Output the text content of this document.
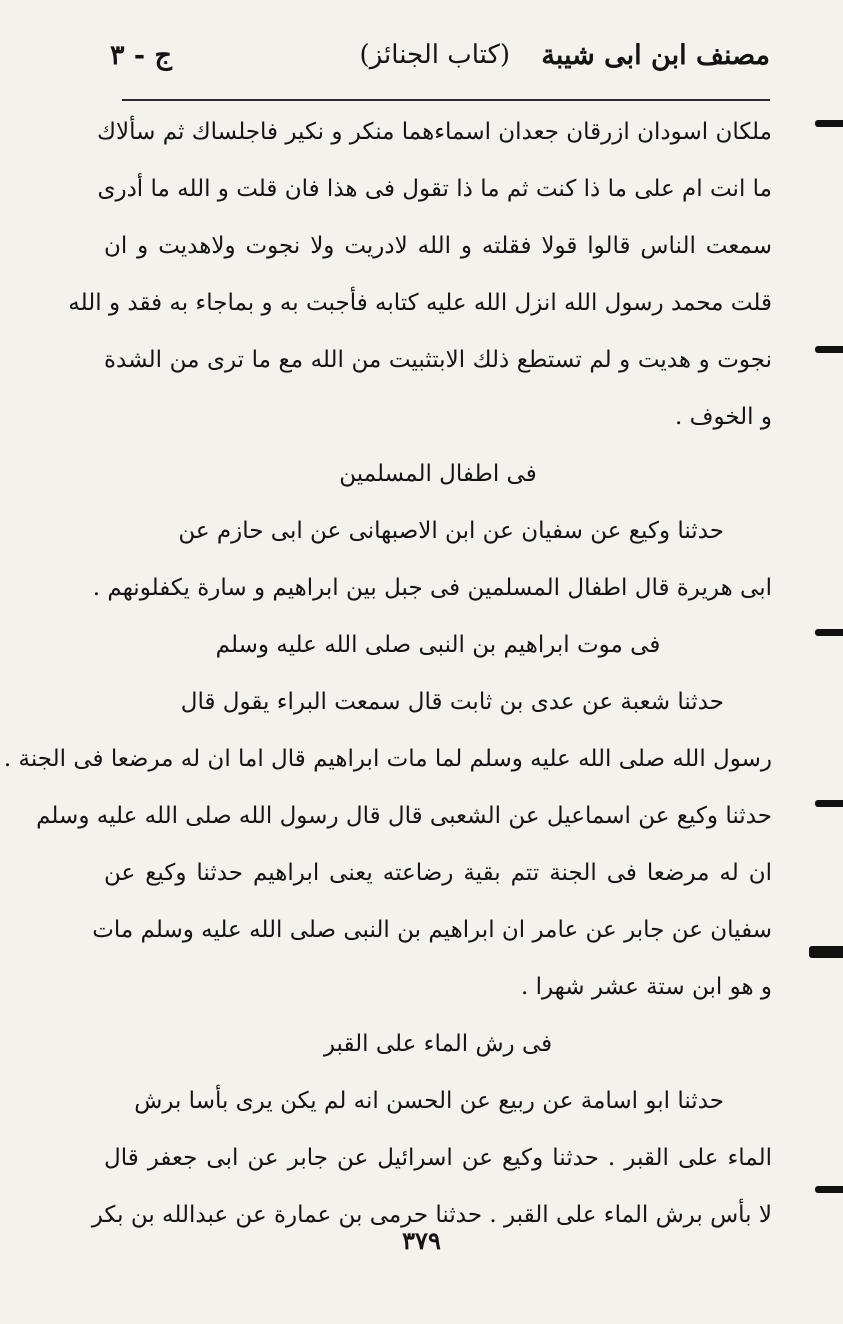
مصنف ابن ابى شيبة
(كتاب الجنائز)
ج - ٣
ملكان اسودان ازرقان جعدان اسماءهما منكر و نكير فاجلساك ثم سألاك
ما انت ام على ما ذا كنت ثم ما ذا تقول فى هذا فان قلت و الله ما أدرى
سمعت الناس قالوا قولا فقلته و الله لادريت ولا نجوت ولاهديت و ان
قلت محمد رسول الله انزل الله عليه كتابه فأجبت به و بماجاء به فقد و الله
نجوت و هديت و لم تستطع ذلك الابتثبيت من الله مع ما ترى من الشدة
و الخوف .
فى اطفال المسلمين
حدثنا وكيع عن سفيان عن ابن الاصبهانى عن ابى حازم عن
ابى هريرة قال اطفال المسلمين فى جبل بين ابراهيم و سارة يكفلونهم .
فى موت ابراهيم بن النبى صلى الله عليه وسلم
حدثنا شعبة عن عدى بن ثابت قال سمعت البراء يقول قال
رسول الله صلى الله عليه وسلم لما مات ابراهيم قال اما ان له مرضعا فى الجنة .
حدثنا وكيع عن اسماعيل عن الشعبى قال قال رسول الله صلى الله عليه وسلم
ان له مرضعا فى الجنة تتم بقية رضاعته يعنى ابراهيم حدثنا وكيع عن
سفيان عن جابر عن عامر ان ابراهيم بن النبى صلى الله عليه وسلم مات
و هو ابن ستة عشر شهرا .
فى رش الماء على القبر
حدثنا ابو اسامة عن ربيع عن الحسن انه لم يكن يرى بأسا برش
الماء على القبر . حدثنا وكيع عن اسرائيل عن جابر عن ابى جعفر قال
لا بأس برش الماء على القبر . حدثنا حرمى بن عمارة عن عبدالله بن بكر
٣٧٩
